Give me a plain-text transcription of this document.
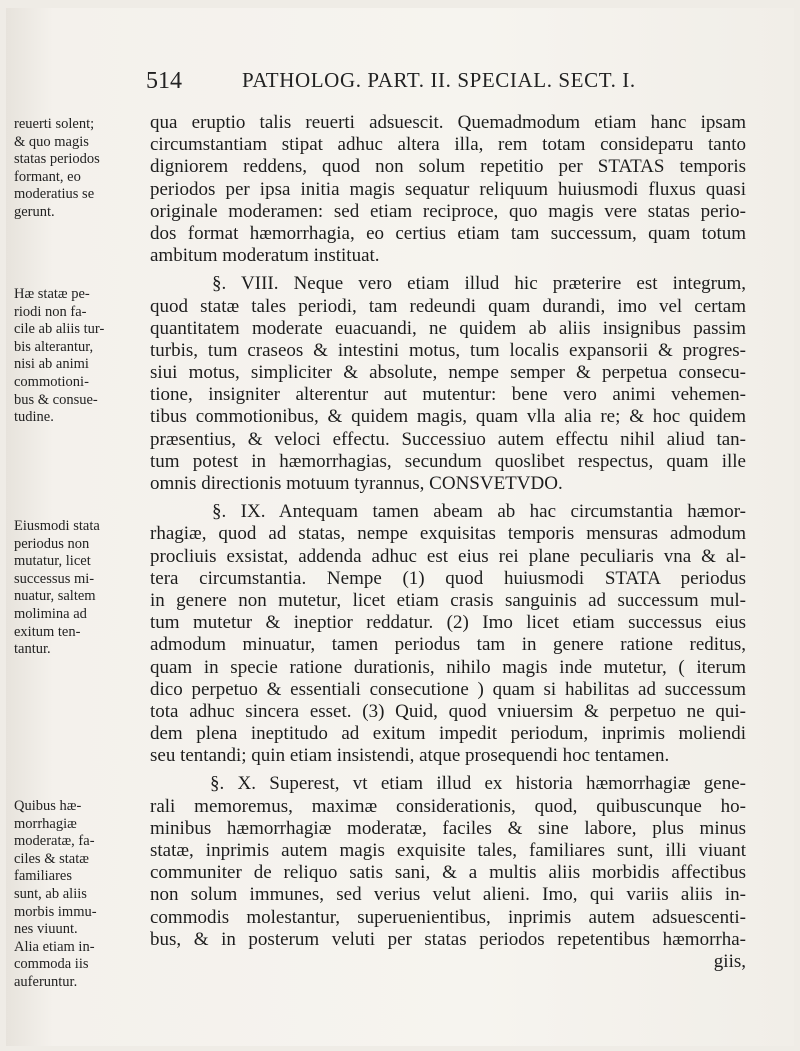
514	PATHOLOG. PART. II. SPECIAL. SECT. I.
reuerti solent;
& quo magis
statas periodos
formant, eo
moderatius se
gerunt.
Hæ statæ pe-
riodi non fa-
cile ab aliis tur-
bis alterantur,
nisi ab animi
commotioni-
bus & consue-
tudine.
Eiusmodi stata
periodus non
mutatur, licet
successus mi-
nuatur, saltem
molimina ad
exitum ten-
tantur.
Quibus hæ-
morrhagiæ
moderatæ, fa-
ciles & statæ
familiares
sunt, ab aliis
morbis immu-
nes viuunt.
Alia etiam in-
commoda iis
auferuntur.
qua eruptio talis reuerti adsuescit. Quemadmodum etiam hanc ipsam
circumstantiam stipat adhuc altera illa, rem totam considератu tanto
digniorem reddens, quod non solum repetitio per STATAS temporis
periodos per ipsa initia magis sequatur reliquum huiusmodi fluxus quasi
originale moderamen: sed etiam reciproce, quo magis vere statas perio-
dos format hæmorrhagia, eo certius etiam tam successum, quam totum
ambitum moderatum instituat.
§. VIII. Neque vero etiam illud hic præterire est integrum,
quod statæ tales periodi, tam redeundi quam durandi, imo vel certam
quantitatem moderate euacuandi, ne quidem ab aliis insignibus passim
turbis, tum craseos & intestini motus, tum localis expansorii & progres-
siui motus, simpliciter & absolute, nempe semper & perpetua consecu-
tione, insigniter alterentur aut mutentur: bene vero animi vehemen-
tibus commotionibus, & quidem magis, quam vlla alia re; & hoc quidem
præsentius, & veloci effectu. Successiuo autem effectu nihil aliud tan-
tum potest in hæmorrhagias, secundum quoslibet respectus, quam ille
omnis directionis motuum tyrannus, CONSVETVDO.
§. IX. Antequam tamen abeam ab hac circumstantia hæmor-
rhagiæ, quod ad statas, nempe exquisitas temporis mensuras admodum
procliuis exsistat, addenda adhuc est eius rei plane peculiaris vna & al-
tera circumstantia. Nempe (1) quod huiusmodi STATA periodus
in genere non mutetur, licet etiam crasis sanguinis ad successum mul-
tum mutetur & ineptior reddatur. (2) Imo licet etiam successus eius
admodum minuatur, tamen periodus tam in genere ratione reditus,
quam in specie ratione durationis, nihilo magis inde mutetur, ( iterum
dico perpetuo & essentiali consecutione ) quam si habilitas ad successum
tota adhuc sincera esset. (3) Quid, quod vniuersim & perpetuo ne qui-
dem plena ineptitudo ad exitum impedit periodum, inprimis moliendi
seu tentandi; quin etiam insistendi, atque prosequendi hoc tentamen.
§. X. Superest, vt etiam illud ex historia hæmorrhagiæ gene-
rali memoremus, maximæ considerationis, quod, quibuscunque ho-
minibus hæmorrhagiæ moderatæ, faciles & sine labore, plus minus
statæ, inprimis autem magis exquisite tales, familiares sunt, illi viuant
communiter de reliquo satis sani, & a multis aliis morbidis affectibus
non solum immunes, sed verius velut alieni. Imo, qui variis aliis in-
commodis molestantur, superuenientibus, inprimis autem adsuescenti-
bus, & in posterum veluti per statas periodos repetentibus hæmorrha-
giis,
